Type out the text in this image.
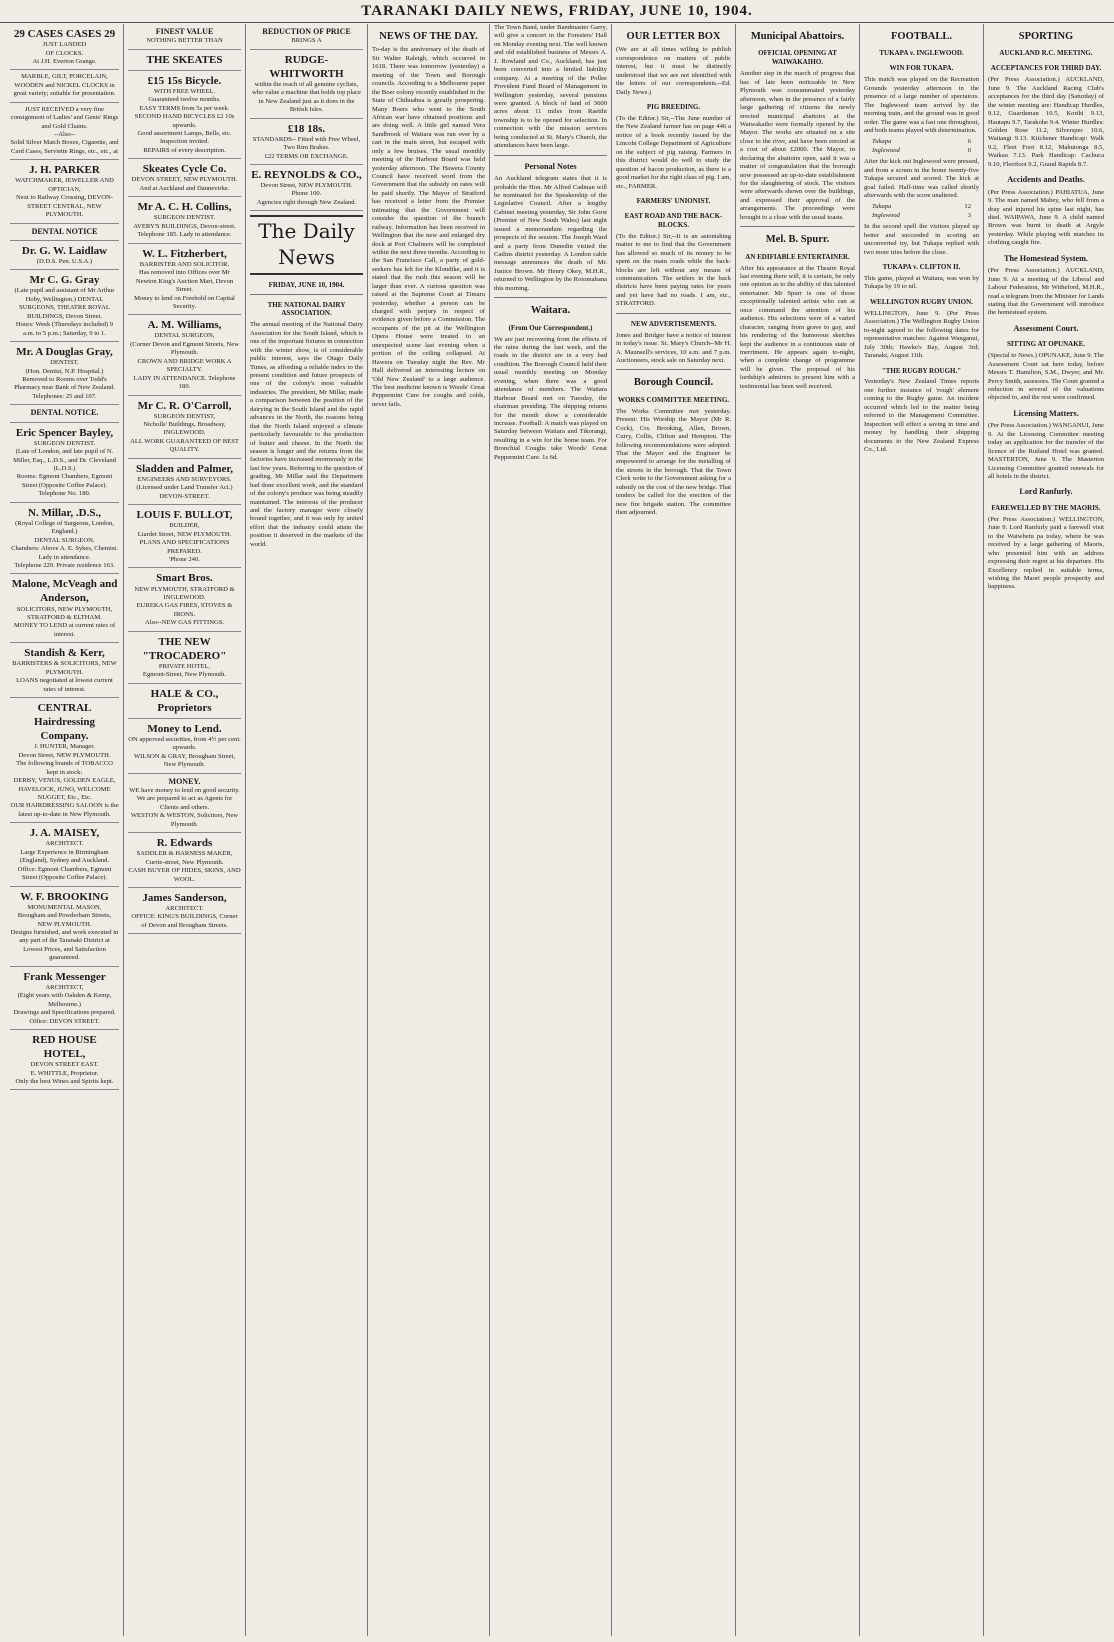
TARANAKI DAILY NEWS, FRIDAY, JUNE 10, 1904.
29 CASES CASES 29
JUST LANDED
OF CLOCKS.
At J.H. Everton Grange.
MARBLE, GILT, PORCELAIN, WOODEN and NICKEL CLOCKS in great variety; suitable for presentation.
JUST RECEIVED a very fine consignment of Ladies' and Gents' Rings and Gold Chains.
--Also--
Solid Silver Match Boxes, Cigarette, and Card Cases, Serviette Rings, etc., etc., at
J. H. PARKER
WATCHMAKER, JEWELLER AND OPTICIAN,
Next to Railway Crossing, DEVON-STREET CENTRAL, NEW PLYMOUTH.
DENTAL NOTICE
Dr. G. W. Laidlaw
(D.D.S. Pen. U.S.A.)
Mr C. G. Gray
(Late pupil and assistant of Mr Arthur Hoby, Wellington.) DENTAL SURGEONS, THEATRE ROYAL BUILDINGS, Devon Street.
Hours: Week (Thursdays included) 9 a.m. to 5 p.m.; Saturday, 9 to 1.
Mr. A Douglas Gray,
DENTIST.
(Hon. Dentist, N.P. Hospital.)
Removed to Rooms over Todd's Pharmacy near Bank of New Zealand.
Telephones: 25 and 107.
DENTAL NOTICE.
Eric Spencer Bayley,
SURGEON DENTIST.
(Late of London, and late pupil of N. Miller, Esq., L.D.S., and Dr. Cleveland (L.D.S.)
Rooms: Egmont Chambers, Egmont Street (Opposite Coffee Palace).
Telephone No. 180.
N. Millar, .D.S.,
(Royal College of Surgeons, London, England.)
DENTAL SURGEON.
Chambers: Above A. E. Sykes, Chemist.
Lady in attendance.
Telephone 229. Private residence 163.
Malone, McVeagh and Anderson,
SOLICITORS, NEW PLYMOUTH, STRATFORD & ELTHAM.
MONEY TO LEND at current rates of interest.
Standish & Kerr,
BARRISTERS & SOLICITORS, NEW PLYMOUTH.
LOANS negotiated at lowest current rates of interest.
CENTRAL Hairdressing Company.
J. HUNTER, Manager.
Devon Street, NEW PLYMOUTH.
The following brands of TOBACCO kept in stock:
DERBY, VENUS, GOLDEN EAGLE, HAVELOCK, JUNO, WELCOME NUGGET, Etc., Etc.
OUR HAIRDRESSING SALOON is the latest up-to-date in New Plymouth.
J. A. MAISEY,
ARCHITECT.
Large Experience in Birmingham (England), Sydney and Auckland.
Office: Egmont Chambers, Egmont Street (Opposite Coffee Palace).
W. F. BROOKING
MONUMENTAL MASON,
Brougham and Powderham Streets, NEW PLYMOUTH.
Designs furnished, and work executed in any part of the Taranaki District at Lowest Prices, and Satisfaction guaranteed.
Frank Messenger
ARCHITECT,
(Eight years with Oakden & Kemp, Melbourne.)
Drawings and Specifications prepared.
Office: DEVON STREET.
RED HOUSE HOTEL,
DEVON STREET EAST.
E. WHITTLE, Proprietor.
Only the best Wines and Spirits kept.
FINEST VALUE
NOTHING BETTER THAN
THE SKEATES
£15 15s Bicycle.
WITH FREE WHEEL.
Guaranteed twelve months.
EASY TERMS from 5s per week.
SECOND HAND BICYCLES £2 10s upwards.
Good assortment Lamps, Bells, etc.
Inspection invited.
REPAIRS of every description.
Skeates Cycle Co.
DEVON STREET, NEW PLYMOUTH.
And at Auckland and Dannevirke.
Mr A. C. H. Collins,
SURGEON DENTIST.
AVERY'S BUILDINGS, Devon-street.
Telephone 185. Lady in attendance.
W. L. Fitzherbert,
BARRISTER AND SOLICITOR.
Has removed into Offices over Mr Newton King's Auction Mart, Devon Street.
Money to lend on Freehold on Capital Security.
A. M. Williams,
DENTAL SURGEON,
(Corner Devon and Egmont Streets, New Plymouth.
CROWN AND BRIDGE WORK A SPECIALTY.
LADY IN ATTENDANCE. Telephone 180.
Mr C. R. O'Carroll,
SURGEON DENTIST,
Nicholls' Buildings, Broadway, INGLEWOOD.
ALL WORK GUARANTEED OF BEST QUALITY.
Sladden and Palmer,
ENGINEERS AND SURVEYORS.
(Licensed under Land Transfer Act.)
DEVON-STREET.
LOUIS F. BULLOT,
BUILDER,
Liardet Street, NEW PLYMOUTH.
PLANS AND SPECIFICATIONS PREPARED.
'Phone 240.
Smart Bros.
NEW PLYMOUTH, STRATFORD & INGLEWOOD.
EUREKA GAS FIRES, STOVES & IRONS.
Also--NEW GAS FITTINGS.
THE NEW "TROCADERO"
PRIVATE HOTEL,
Egmont-Street, New Plymouth.
HALE & CO., Proprietors
Money to Lend.
ON approved securities, from 4½ per cent. upwards.
WILSON & GRAY, Brougham Street, New Plymouth.
MONEY.
WE have money to lend on good security. We are prepared to act as Agents for Clients and others.
WESTON & WESTON, Solicitors, New Plymouth.
R. Edwards
SADDLER & HARNESS MAKER, Currie-street, New Plymouth.
CASH BUYER OF HIDES, SKINS, AND WOOL.
James Sanderson,
ARCHITECT.
OFFICE: KING'S BUILDINGS, Corner of Devon and Brougham Streets.
REDUCTION OF PRICE
BRINGS A
RUDGE-WHITWORTH
within the reach of all genuine cyclists, who value a machine that holds top place in New Zealand just as it does in the British Isles.
£18 18s.
STANDARDS-- Fitted with Free Wheel, Two Rim Brakes.
£22 TERMS OR EXCHANGE.
E. REYNOLDS & CO.,
Devon Street, NEW PLYMOUTH.
Phone 100.
Agencies right through New Zealand.
The Daily News
FRIDAY, JUNE 10, 1904.
THE NATIONAL DAIRY ASSOCIATION.

The annual meeting of the National Dairy Association for the South Island, which is one of the important fixtures in connection with the winter show, is of considerable public interest, says the Otago Daily Times, as affording a reliable index to the present condition and future prospects of one of the colony's most valuable industries. The president, Mr Millar, made a comparison between the position of the dairying in the South Island and the rapid advances in the North, the reasons being that the North Island enjoyed a climate particularly favourable to the production of butter and cheese. In the North the season is longer and the returns from the factories have increased enormously in the last few years. Referring to the question of grading, Mr Millar said the Department had done excellent work, and the standard of the colony's produce was being steadily maintained. The interests of the producer and the factory manager were closely bound together, and it was only by united effort that the industry could attain the position it deserved in the markets of the world.

NEWS OF THE DAY.

To-day is the anniversary of the death of Sir Walter Raleigh, which occurred in 1618. There was tomorrow (yesterday) a meeting of the Town and Borough councils. According to a Melbourne paper the Boer colony recently established in the State of Chihuahua is greatly prospering. Many Boers who went to the South African war have obtained positions and are doing well. A little girl named Vera Sandbrook of Waitara was run over by a cart in the main street, but escaped with only a few bruises. The usual monthly meeting of the Harbour Board was held yesterday afternoon. The Hawera County Council have received word from the Government that the subsidy on rates will be paid shortly. The Mayor of Stratford has received a letter from the Premier intimating that the Government will consider the question of the branch railway. Information has been received in Wellington that the new and enlarged dry dock at Port Chalmers will be completed within the next three months. According to the San Francisco Call, a party of gold-seekers has left for the Klondike, and it is stated that the rush this season will be larger than ever. A curious question was raised at the Supreme Court at Timaru yesterday, whether a person can be charged with perjury in respect of evidence given before a Commission. The occupants of the pit at the Wellington Opera House were treated to an unexpected scene last evening when a portion of the ceiling collapsed. At Hawera on Tuesday night the Rev. Mr Hall delivered an interesting lecture on 'Old New Zealand' to a large audience. The best medicine known is Woods' Great Peppermint Cure for coughs and colds, never fails.

The Town Band, under Bandmaster Garry, will give a concert in the Foresters' Hall on Monday evening next. The well known and old established business of Messrs A. J. Rowland and Co., Auckland, has just been converted into a limited liability company. At a meeting of the Pollee Provident Fund Board of Management in Wellington yesterday, several pensions were granted. A block of land of 3600 acres about 11 miles from Raetihi township is to be opened for selection. In connection with the mission services being conducted at St. Mary's Church, the attendances have been large.

Personal Notes

An Auckland telegram states that it is probable the Hon. Mr Alfred Cadman will be nominated for the Speakership of the Legislative Council. After a lengthy Cabinet meeting yesterday, Sir John Gorst (Premier of New South Wales) last night issued a memorandum regarding the prospects of the session. The Joseph Ward and a party from Dunedin visited the Catlins district yesterday. A London cable message announces the death of Mr. Justice Brown. Mr Henry Okey, M.H.R., returned to Wellington by the Rotomahana this morning.

Waitara.
(From Our Correspondent.)

We are just recovering from the effects of the rains during the last week, and the roads in the district are in a very bad condition. The Borough Council held their usual monthly meeting on Monday evening, when there was a good attendance of members. The Waitara Harbour Board met on Tuesday, the chairman presiding. The shipping returns for the month show a considerable increase. Football: A match was played on Saturday between Waitara and Tikorangi, resulting in a win for the home team. For Bronchial Coughs take Woods' Great Peppermint Cure. 1s 6d.

OUR LETTER BOX

(We are at all times willing to publish correspondence on matters of public interest, but it must be distinctly understood that we are not identified with the letters of our correspondents.--Ed. Daily News.)

PIG BREEDING.

(To the Editor.) Sir,--The June number of the New Zealand farmer has on page 446 a notice of a book recently issued by the Lincoln College Department of Agriculture on the subject of pig raising. Farmers in this district would do well to study the question of bacon production, as there is a good market for the right class of pig. I am, etc., FARMER.

FARMERS' UNIONIST.
EAST ROAD AND THE BACK-BLOCKS.

(To the Editor.) Sir,--It is an astonishing matter to me to find that the Government has allowed so much of its money to be spent on the main roads while the back-blocks are left without any means of communication. The settlers in the back districts have been paying rates for years and yet have had no roads. I am, etc., STRATFORD.

NEW ADVERTISEMENTS.

Jones and Bridger have a notice of interest in today's issue. St. Mary's Church--Mr H. A. Maunsell's services, 10 a.m. and 7 p.m. Auctioneers, stock sale on Saturday next.

Borough Council.
WORKS COMMITTEE MEETING.

The Works Committee met yesterday. Present: His Worship the Mayor (Mr R. Cock), Crs. Brooking, Allen, Brown, Curry, Collis, Clifton and Hempton. The following recommendations were adopted: That the Mayor and the Engineer be empowered to arrange for the metalling of the streets in the borough. That the Town Clerk write to the Government asking for a subsidy on the cost of the new bridge. That tenders be called for the erection of the new fire brigade station. The committee then adjourned.

Municipal Abattoirs.
OFFICIAL OPENING AT WAIWAKAIHO.

Another step in the march of progress that has of late been noticeable in New Plymouth was consummated yesterday afternoon, when in the presence of a fairly large gathering of citizens the newly erected municipal abattoirs at the Waiwakaiho were formally opened by the Mayor. The works are situated on a site close to the river, and have been erected at a cost of about £2000. The Mayor, in declaring the abattoirs open, said it was a matter of congratulation that the borough now possessed an up-to-date establishment for the slaughtering of stock. The visitors were afterwards shown over the buildings, and expressed their approval of the arrangements. The proceedings were brought to a close with the usual toasts.

Mel. B. Spurr.
AN EDIFIABLE ENTERTAINER.

After his appearance at the Theatre Royal last evening there will, it is certain, be only one opinion as to the ability of this talented entertainer. Mr Spurr is one of those exceptionally talented artists who can at once command the attention of his audience. His selections were of a varied character, ranging from grave to gay, and his rendering of the humorous sketches kept the audience in a continuous state of merriment. He appears again to-night, when a complete change of programme will be given. The proposal of his lordship's admirers to present him with a testimonial has been well received.

FOOTBALL.
TUKAPA v. INGLEWOOD.
WIN FOR TUKAPA.

This match was played on the Recreation Grounds yesterday afternoon in the presence of a large number of spectators. The Inglewood team arrived by the morning train, and the ground was in good order. The game was a fast one throughout, and both teams played with determination.

Tukapa	6
Inglewood	0

After the kick out Inglewood were pressed, and from a scrum in the home twenty-five Tukapa secured and scored. The kick at goal failed. Half-time was called shortly afterwards with the score unaltered.

Tukapa	12
Inglewood	3

In the second spell the visitors played up better and succeeded in scoring an unconverted try, but Tukapa replied with two more tries before the close.

TUKAPA v. CLIFTON II.

This game, played at Waitara, was won by Tukapa by 19 to nil.

WELLINGTON RUGBY UNION.

WELLINGTON, June 9. (Per Press Association.) The Wellington Rugby Union to-night agreed to the following dates for representative matches: Against Wanganui, July 30th; Hawke's Bay, August 3rd; Taranaki, August 11th.

"THE RUGBY ROUGH."

Yesterday's New Zealand Times reports one further instance of 'rough' element coming to the Rugby game. An incident occurred which led to the matter being referred to the Management Committee. Inspection will effect a saving in time and money by handling their shipping documents to the New Zealand Express Co., Ltd.

SPORTING
AUCKLAND R.C. MEETING.
ACCEPTANCES FOR THIRD DAY.

(Per Press Association.) AUCKLAND, June 9. The Auckland Racing Club's acceptances for the third day (Saturday) of the winter meeting are: Handicap Hurdles, 9.12, Guardsman 10.5, Korihi 9.13, Hautapu 9.7, Tarakohe 9.4. Winter Hurdles: Golden Rose 11.2, Silverspec 10.6, Waitangi 9.13. Kitchener Handicap: Walk 9.2, Fleet Foot 8.12, Mahutonga 8.5, Waikau 7.13. Park Handicap: Cachuca 9.10, Fleetfoot 9.2, Grand Rapids 8.7.

Accidents and Deaths.

(Per Press Association.) PAHIATUA, June 9. The man named Mabey, who fell from a dray and injured his spine last night, has died. WAIPAWA, June 9. A child named Brown was burnt to death at Argyle yesterday. While playing with matches its clothing caught fire.

The Homestead System.

(Per Press Association.) AUCKLAND, June 9. At a meeting of the Liberal and Labour Federation, Mr Witheford, M.H.R., read a telegram from the Minister for Lands stating that the Government will introduce the homestead system.

Assessment Court.
SITTING AT OPUNAKE.

(Special to News.) OPUNAKE, June 9. The Assessment Court sat here today, before Messrs T. Hamilton, S.M., Dwyer, and Mr. Percy Smith, assessors. The Court granted a reduction in several of the valuations objected to, and the rest were confirmed.

Licensing Matters.

(Per Press Association.) WANGANUI, June 9. At the Licensing Committee meeting today an application for the transfer of the licence of the Rutland Hotel was granted. MASTERTON, June 9. The Masterton Licensing Committee granted renewals for all hotels in the district.

Lord Ranfurly.
FAREWELLED BY THE MAORIS.

(Per Press Association.) WELLINGTON, June 9. Lord Ranfurly paid a farewell visit to the Waiwhetu pa today, where he was received by a large gathering of Maoris, who presented him with an address expressing their regret at his departure. His Excellency replied in suitable terms, wishing the Maori people prosperity and happiness.
